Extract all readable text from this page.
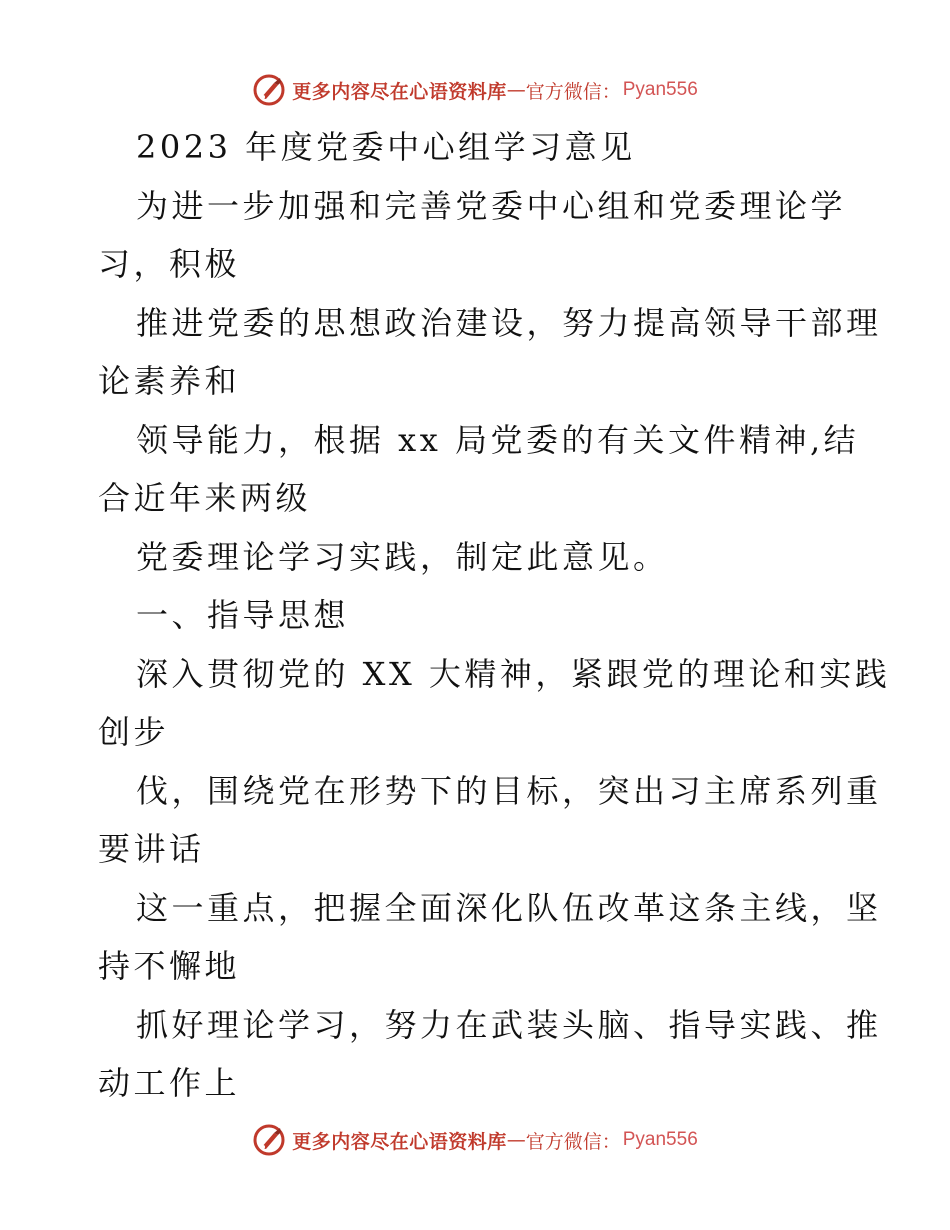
更多内容尽在心语资料库 — 官方微信： Pyan556
2023 年度党委中心组学习意见
为进一步加强和完善党委中心组和党委理论学
习，积极
推进党委的思想政治建设，努力提高领导干部理
论素养和
领导能力，根据 xx 局党委的有关文件精神,结
合近年来两级
党委理论学习实践，制定此意见。
一、指导思想
深入贯彻党的 XX 大精神，紧跟党的理论和实践
创步
伐，围绕党在形势下的目标，突出习主席系列重
要讲话
这一重点，把握全面深化队伍改革这条主线，坚
持不懈地
抓好理论学习，努力在武装头脑、指导实践、推
动工作上
更多内容尽在心语资料库 — 官方微信： Pyan556
